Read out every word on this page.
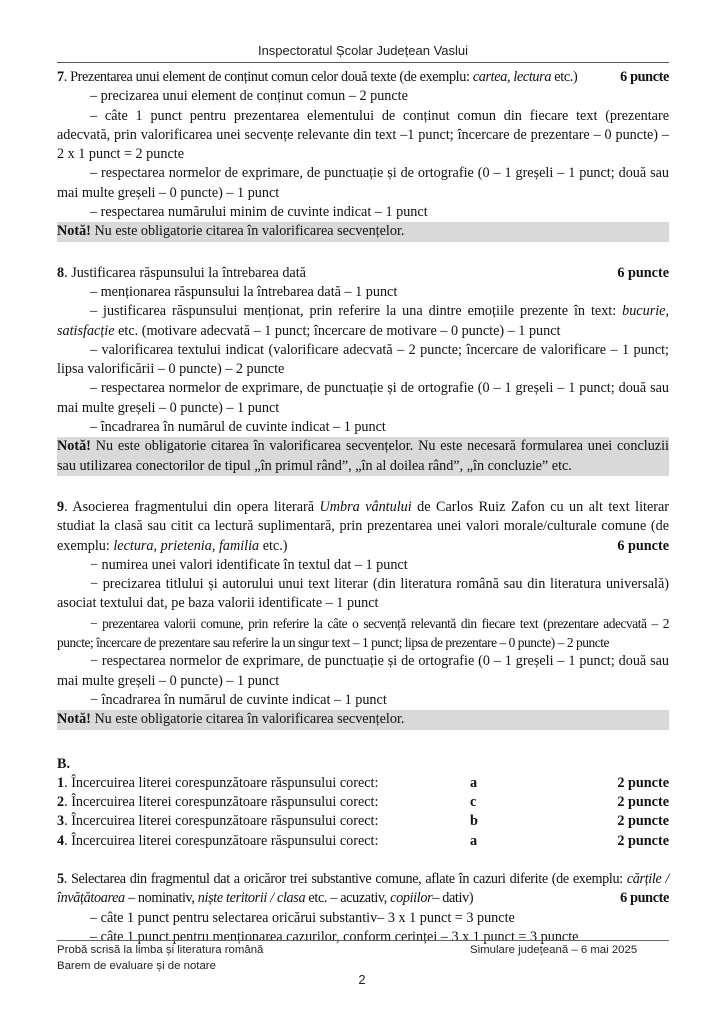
Inspectoratul Școlar Județean Vaslui
7. Prezentarea unui element de conținut comun celor două texte (de exemplu: cartea, lectura etc.)	6 puncte
– precizarea unui element de conținut comun – 2 puncte
– câte 1 punct pentru prezentarea elementului de conținut comun din fiecare text (prezentare adecvată, prin valorificarea unei secvențe relevante din text –1 punct; încercare de prezentare – 0 puncte) – 2 x 1 punct = 2 puncte
– respectarea normelor de exprimare, de punctuație și de ortografie (0 – 1 greșeli – 1 punct; două sau mai multe greșeli – 0 puncte) – 1 punct
– respectarea numărului minim de cuvinte indicat – 1 punct
Notă! Nu este obligatorie citarea în valorificarea secvențelor.
8. Justificarea răspunsului la întrebarea dată	6 puncte
– menționarea răspunsului la întrebarea dată – 1 punct
– justificarea răspunsului menționat, prin referire la una dintre emoțiile prezente în text: bucurie, satisfacție etc. (motivare adecvată – 1 punct; încercare de motivare – 0 puncte) – 1 punct
– valorificarea textului indicat (valorificare adecvată – 2 puncte; încercare de valorificare – 1 punct; lipsa valorificării – 0 puncte) – 2 puncte
– respectarea normelor de exprimare, de punctuație și de ortografie (0 – 1 greșeli – 1 punct; două sau mai multe greșeli – 0 puncte) – 1 punct
– încadrarea în numărul de cuvinte indicat – 1 punct
Notă! Nu este obligatorie citarea în valorificarea secvențelor. Nu este necesară formularea unei concluzii sau utilizarea conectorilor de tipul „în primul rând”, „în al doilea rând”, „în concluzie” etc.
9. Asocierea fragmentului din opera literară Umbra vântului de Carlos Ruiz Zafon cu un alt text literar studiat la clasă sau citit ca lectură suplimentară, prin prezentarea unei valori morale/culturale comune (de exemplu: lectura, prietenia, familia etc.)	6 puncte
− numirea unei valori identificate în textul dat – 1 punct
− precizarea titlului și autorului unui text literar (din literatura română sau din literatura universală) asociat textului dat, pe baza valorii identificate – 1 punct
− prezentarea valorii comune, prin referire la câte o secvență relevantă din fiecare text (prezentare adecvată – 2 puncte; încercare de prezentare sau referire la un singur text – 1 punct; lipsa de prezentare – 0 puncte) – 2 puncte
− respectarea normelor de exprimare, de punctuație și de ortografie (0 – 1 greșeli – 1 punct; două sau mai multe greșeli – 0 puncte) – 1 punct
− încadrarea în numărul de cuvinte indicat – 1 punct
Notă! Nu este obligatorie citarea în valorificarea secvențelor.
B.
1. Încercuirea literei corespunzătoare răspunsului corect:	a	2 puncte
2. Încercuirea literei corespunzătoare răspunsului corect:	c	2 puncte
3. Încercuirea literei corespunzătoare răspunsului corect:	b	2 puncte
4. Încercuirea literei corespunzătoare răspunsului corect:	a	2 puncte
5. Selectarea din fragmentul dat a oricăror trei substantive comune, aflate în cazuri diferite (de exemplu: cărțile / învățătoarea – nominativ, niște teritorii / clasa etc. – acuzativ, copiilor– dativ)	6 puncte
– câte 1 punct pentru selectarea oricărui substantiv– 3 x 1 punct = 3 puncte
– câte 1 punct pentru menționarea cazurilor, conform cerinței – 3 x 1 punct = 3 puncte
Probă scrisă la limba și literatura română
Barem de evaluare și de notare
Simulare județeană – 6 mai 2025
2
